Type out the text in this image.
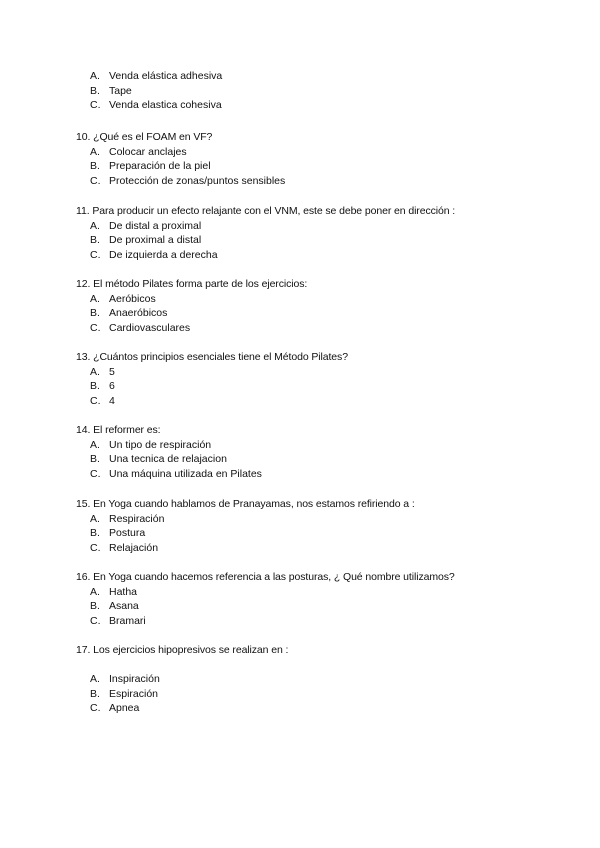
A. Venda elástica adhesiva
B. Tape
C. Venda elastica cohesiva
10. ¿Qué es el FOAM en VF?
A. Colocar anclajes
B. Preparación de la piel
C. Protección de zonas/puntos sensibles
11. Para producir un efecto relajante con el VNM, este se debe poner en dirección :
A. De distal a proximal
B. De proximal a distal
C. De izquierda a derecha
12. El método Pilates forma parte de los ejercicios:
A. Aeróbicos
B. Anaeróbicos
C. Cardiovasculares
13. ¿Cuántos principios esenciales tiene el Método Pilates?
A. 5
B. 6
C. 4
14. El reformer es:
A. Un tipo de respiración
B. Una tecnica de relajacion
C. Una máquina utilizada en Pilates
15. En Yoga cuando hablamos de Pranayamas, nos estamos refiriendo a :
A. Respiración
B. Postura
C. Relajación
16. En Yoga cuando hacemos referencia a las posturas, ¿ Qué nombre utilizamos?
A. Hatha
B. Asana
C. Bramari
17. Los ejercicios hipopresivos se realizan en :
A. Inspiración
B. Espiración
C. Apnea
